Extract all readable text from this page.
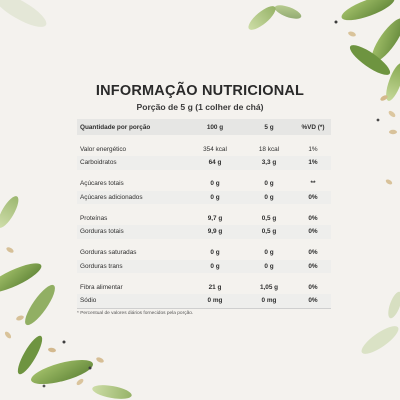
INFORMAÇÃO NUTRICIONAL
Porção de 5 g (1 colher de chá)
Quantidade por porção	100 g	5 g	%VD (*)
Valor energético	354 kcal	18 kcal	1%
Carboidratos	64 g	3,3 g	1%
Açúcares totais	0 g	0 g	**
Açúcares adicionados	0 g	0 g	0%
Proteínas	9,7 g	0,5 g	0%
Gorduras totais	9,9 g	0,5 g	0%
Gorduras saturadas	0 g	0 g	0%
Gorduras trans	0 g	0 g	0%
Fibra alimentar	21 g	1,05 g	0%
Sódio	0 mg	0 mg	0%
* Percentual de valores diários fornecidos pela porção.
